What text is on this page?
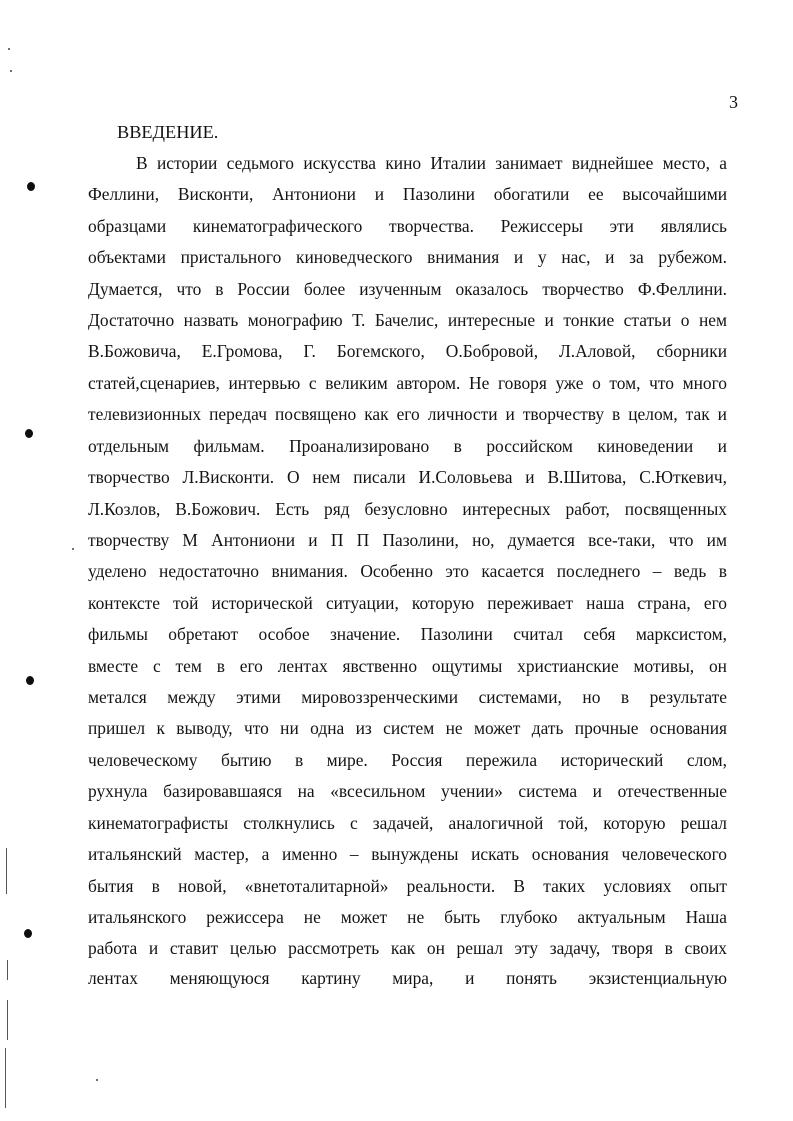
3
ВВЕДЕНИЕ.
В истории седьмого искусства кино Италии занимает виднейшее место, а
Феллини, Висконти, Антониони и Пазолини обогатили ее высочайшими
образцами кинематографического творчества. Режиссеры эти являлись
объектами пристального киноведческого внимания и у нас, и за рубежом.
Думается, что в России более изученным оказалось творчество Ф.Феллини.
Достаточно назвать монографию Т. Бачелис, интересные и тонкие статьи о нем
В.Божовича, Е.Громова, Г. Богемского, О.Бобровой, Л.Аловой, сборники
статей,сценариев, интервью с великим автором. Не говоря уже о том, что много
телевизионных передач посвящено как его личности и творчеству в целом, так и
отдельным фильмам. Проанализировано в российском киноведении и
творчество Л.Висконти. О нем писали И.Соловьева и В.Шитова, С.Юткевич,
Л.Козлов, В.Божович. Есть ряд безусловно интересных работ, посвященных
творчеству М Антониони и П П Пазолини, но, думается все-таки, что им
уделено недостаточно внимания. Особенно это касается последнего – ведь в
контексте той исторической ситуации, которую переживает наша страна, его
фильмы обретают особое значение. Пазолини считал себя марксистом,
вместе с тем в его лентах явственно ощутимы христианские мотивы, он
метался между этими мировоззренческими системами, но в результате
пришел к выводу, что ни одна из систем не может дать прочные основания
человеческому бытию в мире. Россия пережила исторический слом,
рухнула базировавшаяся на «всесильном учении» система и отечественные
кинематографисты столкнулись с задачей, аналогичной той, которую решал
итальянский мастер, а именно – вынуждены искать основания человеческого
бытия в новой, «внетоталитарной» реальности. В таких условиях опыт
итальянского режиссера не может не быть глубоко актуальным Наша
работа и ставит целью рассмотреть как он решал эту задачу, творя в своих
лентах меняющуюся картину мира, и понять экзистенциальную
